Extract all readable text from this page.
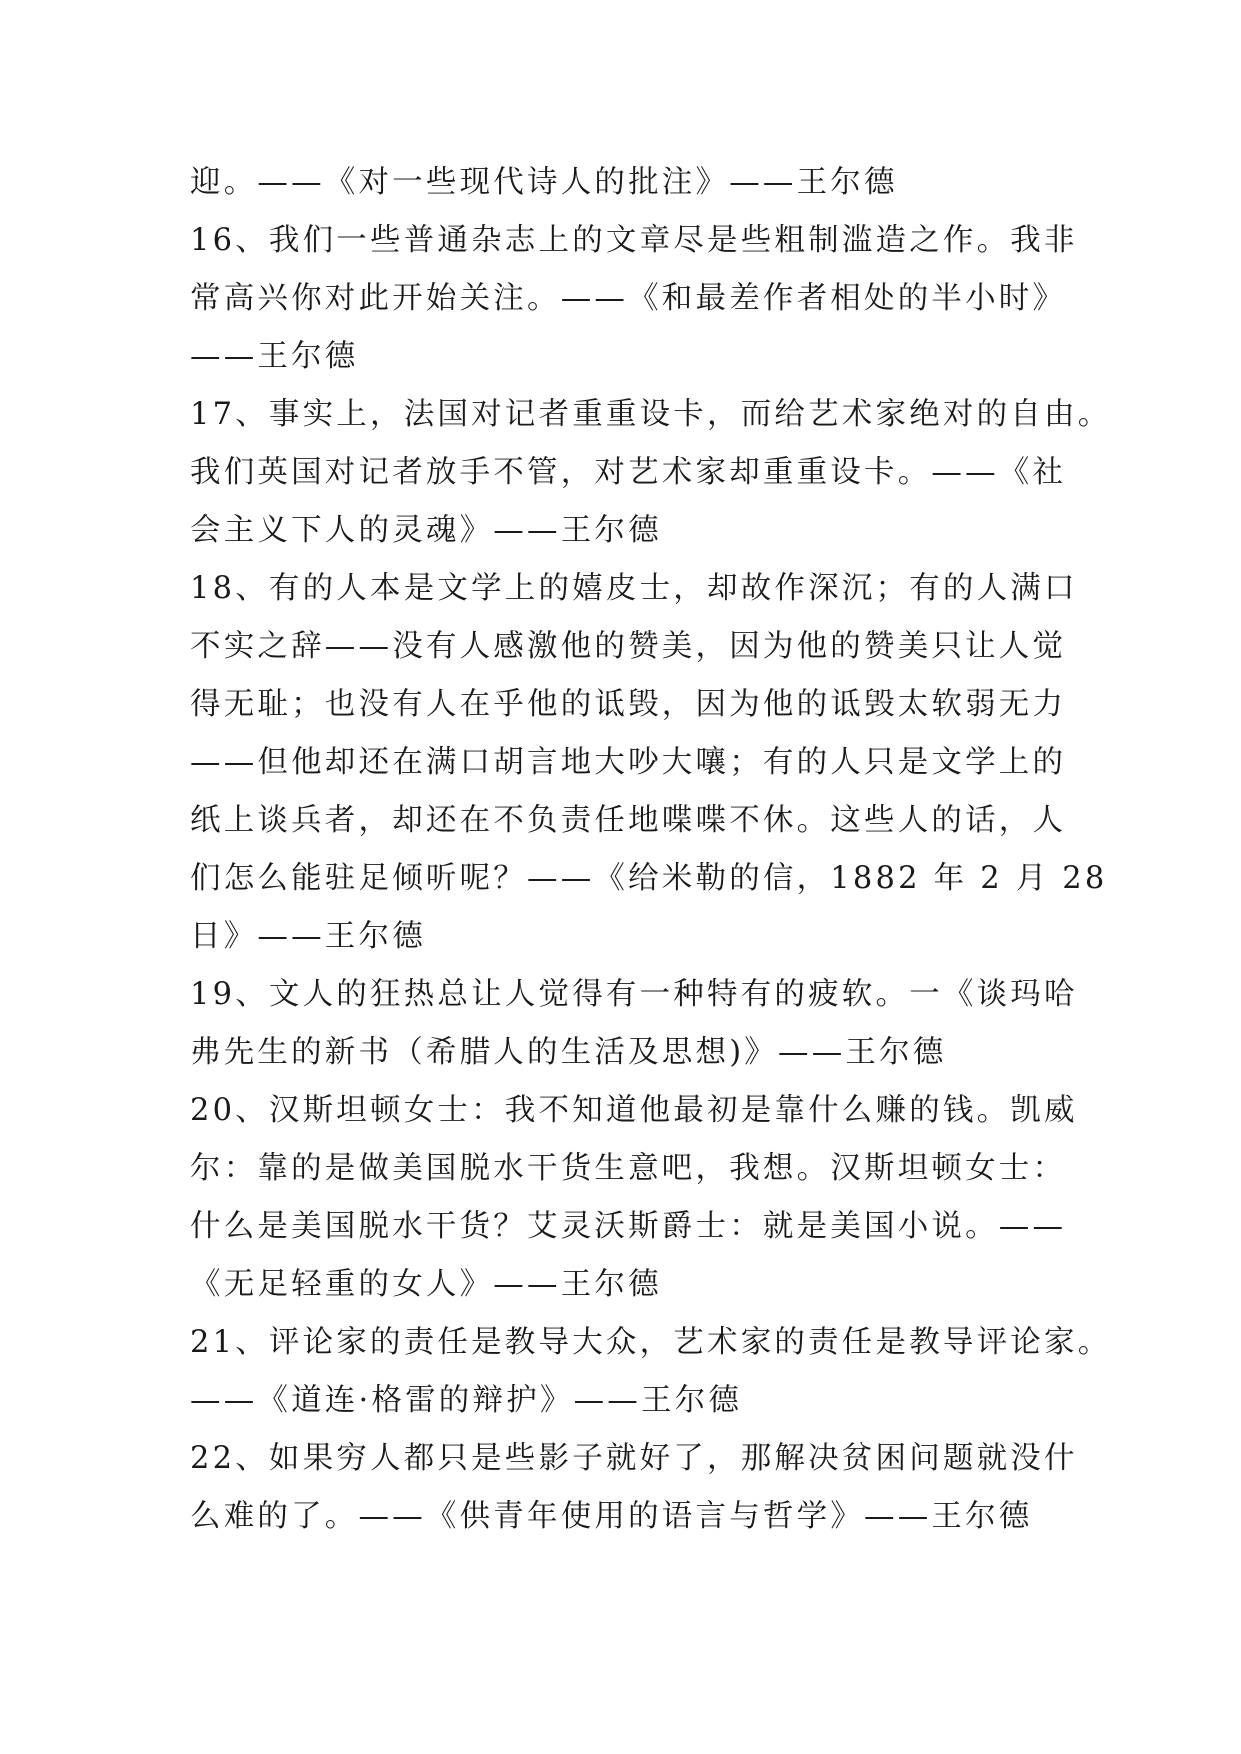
迎。——《对一些现代诗人的批注》——王尔德
16、我们一些普通杂志上的文章尽是些粗制滥造之作。我非
常高兴你对此开始关注。——《和最差作者相处的半小时》
——王尔德
17、事实上，法国对记者重重设卡，而给艺术家绝对的自由。
我们英国对记者放手不管，对艺术家却重重设卡。——《社
会主义下人的灵魂》——王尔德
18、有的人本是文学上的嬉皮士，却故作深沉；有的人满口
不实之辞——没有人感激他的赞美，因为他的赞美只让人觉
得无耻；也没有人在乎他的诋毁，因为他的诋毁太软弱无力
——但他却还在满口胡言地大吵大嚷；有的人只是文学上的
纸上谈兵者，却还在不负责任地喋喋不休。这些人的话，人
们怎么能驻足倾听呢？——《给米勒的信，1882 年 2 月 28
日》——王尔德
19、文人的狂热总让人觉得有一种特有的疲软。一《谈玛哈
弗先生的新书（希腊人的生活及思想)》——王尔德
20、汉斯坦顿女士：我不知道他最初是靠什么赚的钱。凯威
尔：靠的是做美国脱水干货生意吧，我想。汉斯坦顿女士：
什么是美国脱水干货？艾灵沃斯爵士：就是美国小说。——
《无足轻重的女人》——王尔德
21、评论家的责任是教导大众，艺术家的责任是教导评论家。
——《道连·格雷的辩护》——王尔德
22、如果穷人都只是些影子就好了，那解决贫困问题就没什
么难的了。——《供青年使用的语言与哲学》——王尔德
